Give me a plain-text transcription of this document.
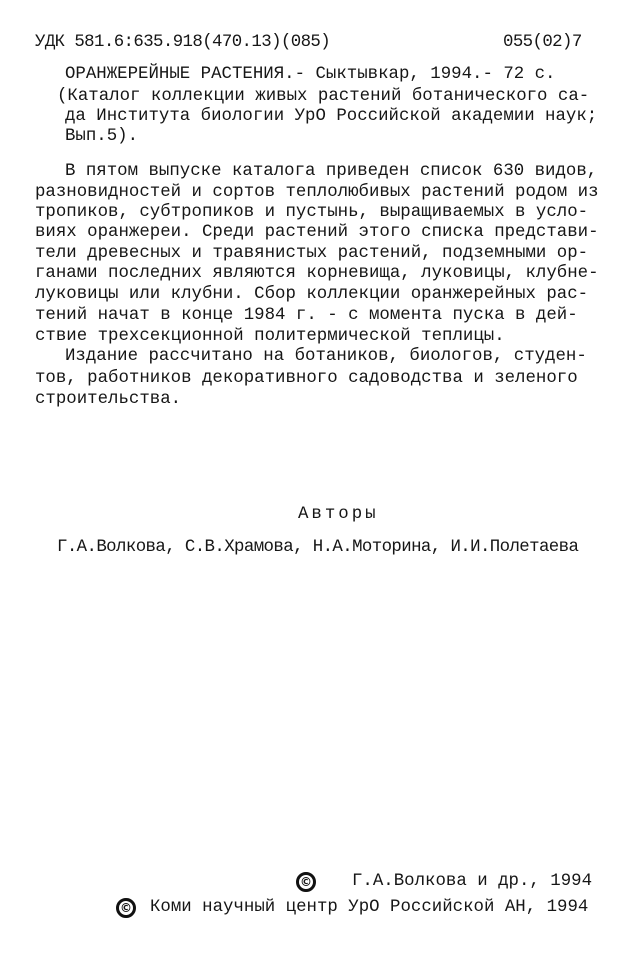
УДК 581.6:635.918(470.13)(085)	055(02)7
ОРАНЖЕРЕЙНЫЕ РАСТЕНИЯ.- Сыктывкар, 1994.- 72 с.
(Каталог коллекции живых растений ботанического са-
да Института биологии УрО Российской академии наук;
Вып.5).
В пятом выпуске каталога приведен список 630 видов,
разновидностей и сортов теплолюбивых растений родом из
тропиков, субтропиков и пустынь, выращиваемых в усло-
виях оранжереи. Среди растений этого списка представи-
тели древесных и травянистых растений, подземными ор-
ганами последних являются корневища, луковицы, клубне-
луковицы или клубни. Сбор коллекции оранжерейных рас-
тений начат в конце 1984 г. - с момента пуска в дей-
ствие трехсекционной политермической теплицы.
Издание рассчитано на ботаников, биологов, студен-
тов, работников декоративного садоводства и зеленого
строительства.
Авторы
Г.А.Волкова, С.В.Храмова, Н.А.Моторина, И.И.Полетаева
© Г.А.Волкова и др., 1994
© Коми научный центр УрО Российской АН, 1994
